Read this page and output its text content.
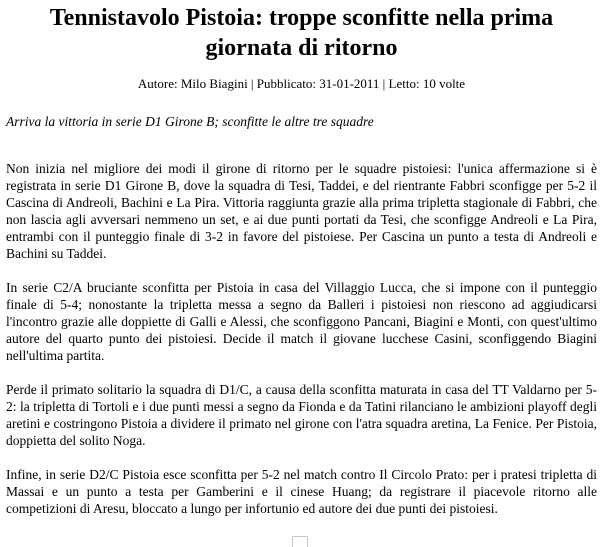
Tennistavolo Pistoia: troppe sconfitte nella prima giornata di ritorno
Autore: Milo Biagini | Pubblicato: 31-01-2011 | Letto: 10 volte
Arriva la vittoria in serie D1 Girone B; sconfitte le altre tre squadre

Non inizia nel migliore dei modi il girone di ritorno per le squadre pistoiesi: l'unica affermazione si è registrata in serie D1 Girone B, dove la squadra di Tesi, Taddei, e del rientrante Fabbri sconfigge per 5-2 il Cascina di Andreoli, Bachini e La Pira. Vittoria raggiunta grazie alla prima tripletta stagionale di Fabbri, che non lascia agli avversari nemmeno un set, e ai due punti portati da Tesi, che sconfigge Andreoli e La Pira, entrambi con il punteggio finale di 3-2 in favore del pistoiese. Per Cascina un punto a testa di Andreoli e Bachini su Taddei.

In serie C2/A bruciante sconfitta per Pistoia in casa del Villaggio Lucca, che si impone con il punteggio finale di 5-4; nonostante la tripletta messa a segno da Balleri i pistoiesi non riescono ad aggiudicarsi l'incontro grazie alle doppiette di Galli e Alessi, che sconfiggono Pancani, Biagini e Monti, con quest'ultimo autore del quarto punto dei pistoiesi. Decide il match il giovane lucchese Casini, sconfiggendo Biagini nell'ultima partita.

Perde il primato solitario la squadra di D1/C, a causa della sconfitta maturata in casa del TT Valdarno per 5-2: la tripletta di Tortoli e i due punti messi a segno da Fionda e da Tatini rilanciano le ambizioni playoff degli aretini e costringono Pistoia a dividere il primato nel girone con l'atra squadra aretina, La Fenice. Per Pistoia, doppietta del solito Noga.

Infine, in serie D2/C Pistoia esce sconfitta per 5-2 nel match contro Il Circolo Prato: per i pratesi tripletta di Massai e un punto a testa per Gamberini e il cinese Huang; da registrare il piacevole ritorno alle competizioni di Aresu, bloccato a lungo per infortunio ed autore dei due punti dei pistoiesi.
